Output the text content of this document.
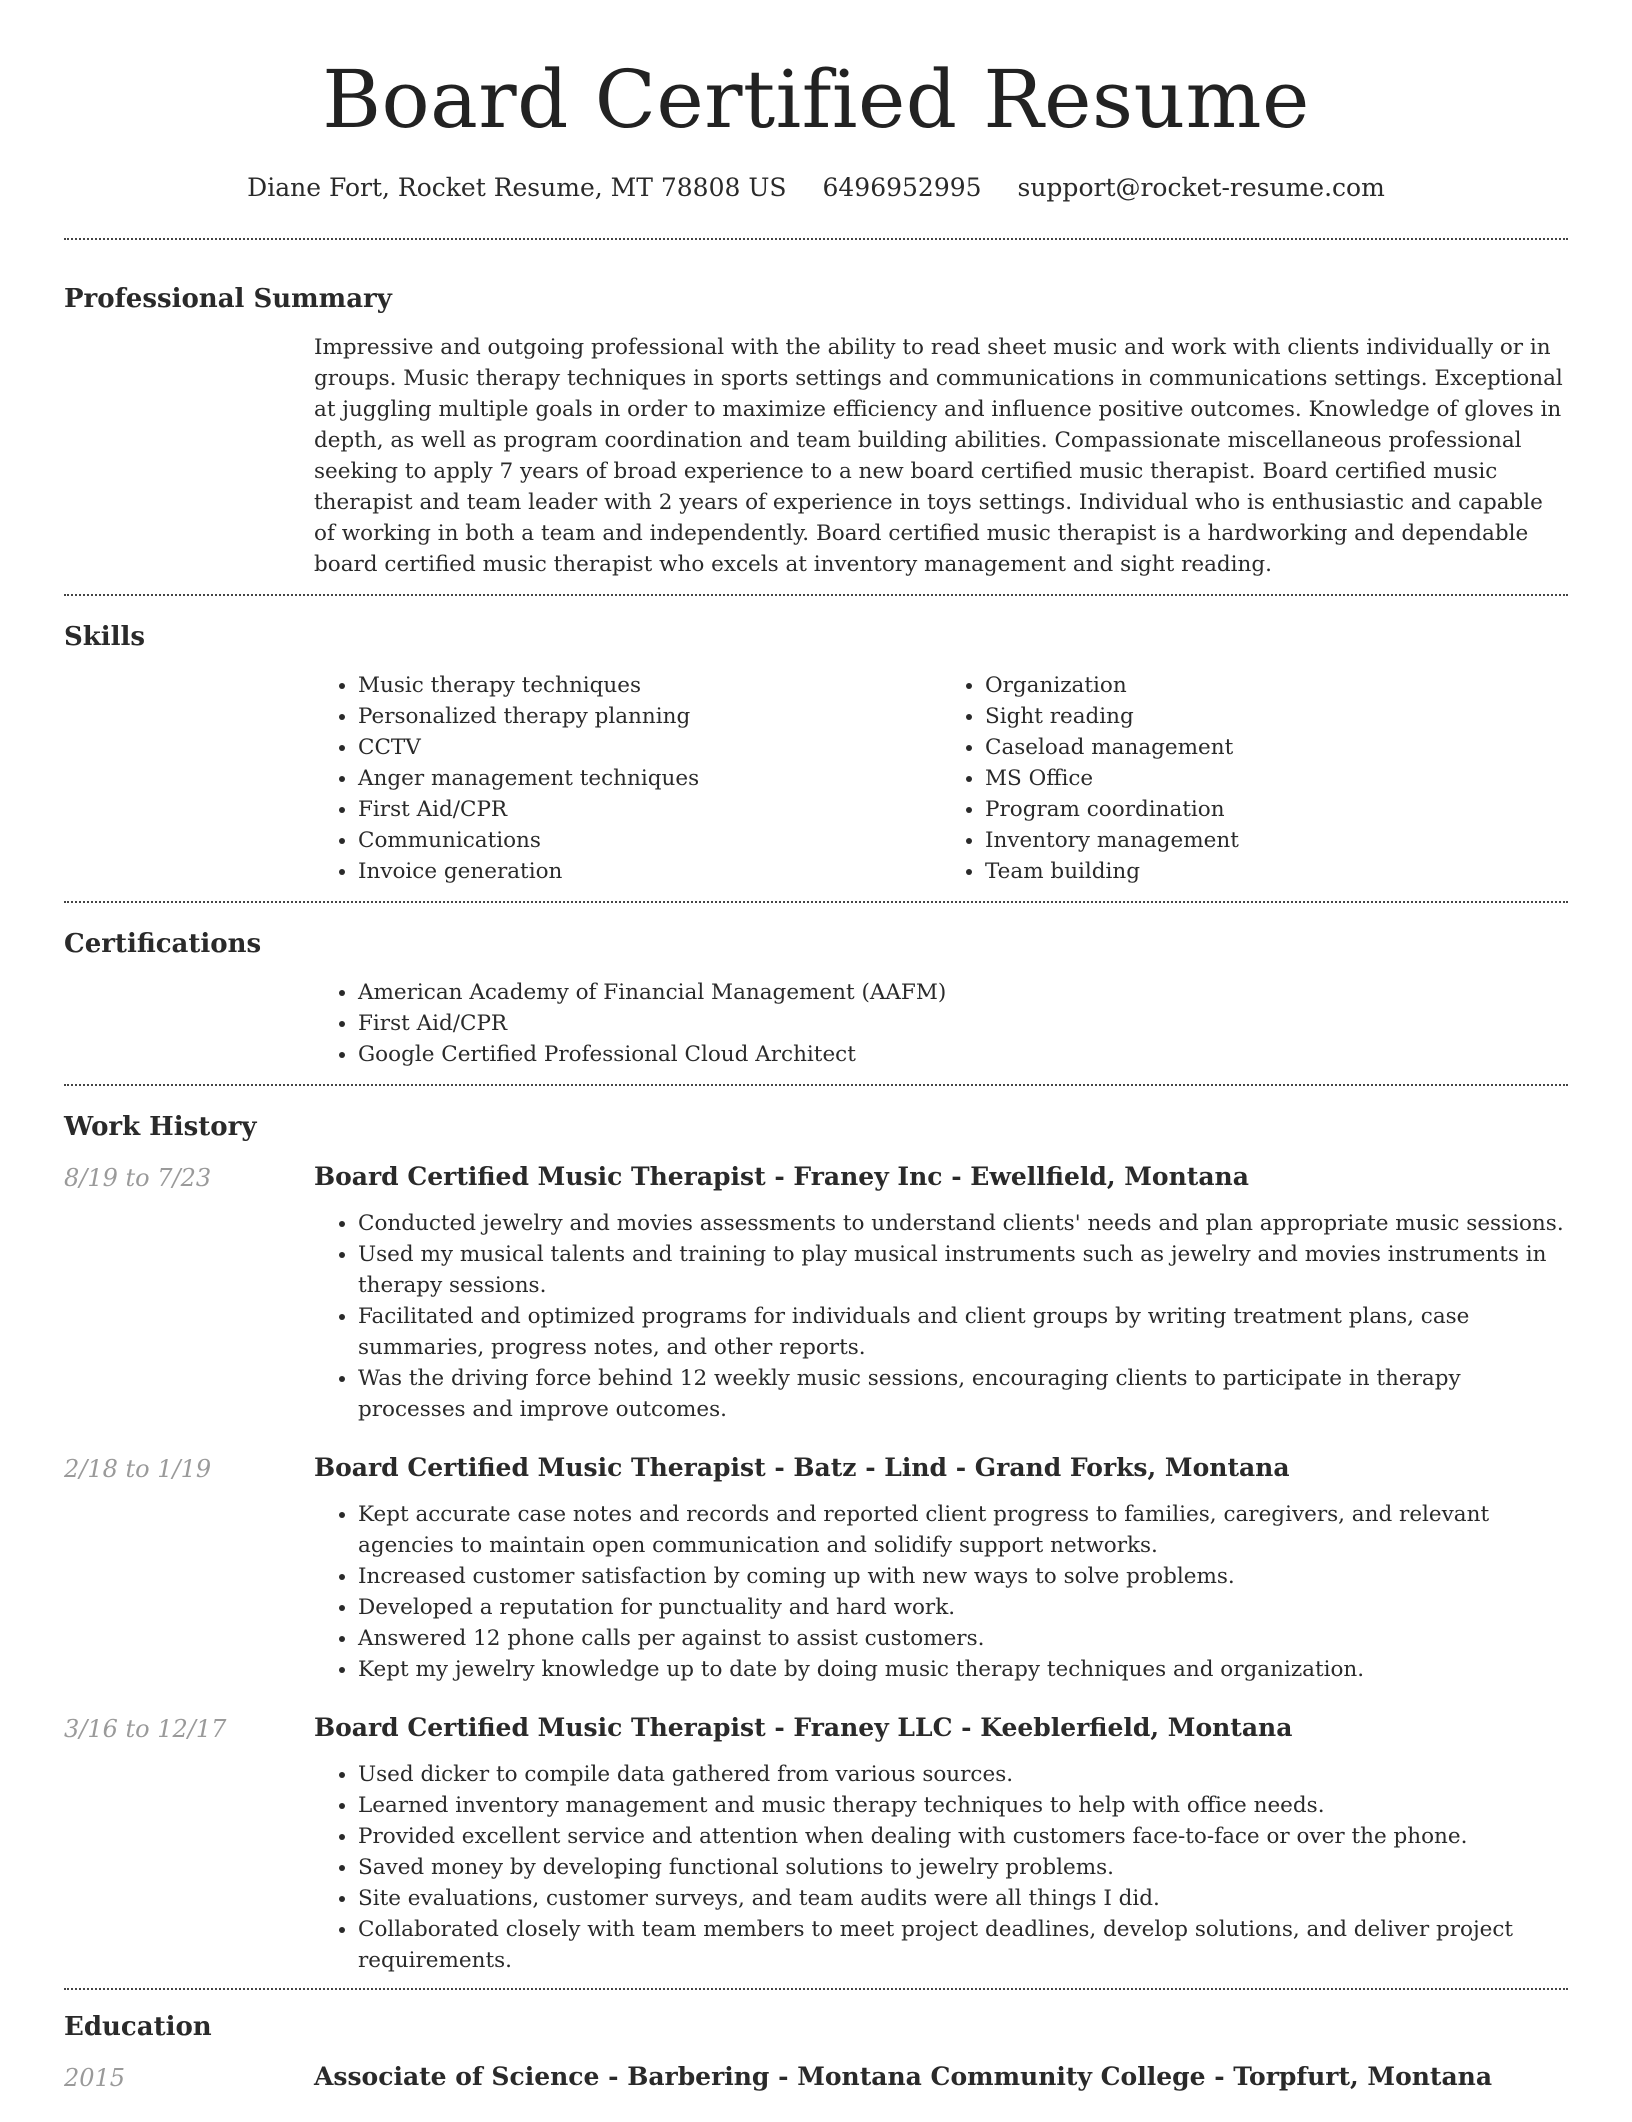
Board Certified Resume
Diane Fort, Rocket Resume, MT 78808 US 6496952995 support@rocket-resume.com
Professional Summary

Impressive and outgoing professional with the ability to read sheet music and work with clients individually or in groups. Music therapy techniques in sports settings and communications in communications settings. Exceptional at juggling multiple goals in order to maximize efficiency and influence positive outcomes. Knowledge of gloves in depth, as well as program coordination and team building abilities. Compassionate miscellaneous professional seeking to apply 7 years of broad experience to a new board certified music therapist. Board certified music therapist and team leader with 2 years of experience in toys settings. Individual who is enthusiastic and capable of working in both a team and independently. Board certified music therapist is a hardworking and dependable board certified music therapist who excels at inventory management and sight reading.

Skills
• Music therapy techniques
• Personalized therapy planning
• CCTV
• Anger management techniques
• First Aid/CPR
• Communications
• Invoice generation
• Organization
• Sight reading
• Caseload management
• MS Office
• Program coordination
• Inventory management
• Team building
Certifications
• American Academy of Financial Management (AAFM)
• First Aid/CPR
• Google Certified Professional Cloud Architect
Work History
8/19 to 7/23	Board Certified Music Therapist - Franey Inc - Ewellfield, Montana
• Conducted jewelry and movies assessments to understand clients' needs and plan appropriate music sessions.
• Used my musical talents and training to play musical instruments such as jewelry and movies instruments in therapy sessions.
• Facilitated and optimized programs for individuals and client groups by writing treatment plans, case summaries, progress notes, and other reports.
• Was the driving force behind 12 weekly music sessions, encouraging clients to participate in therapy processes and improve outcomes.
2/18 to 1/19	Board Certified Music Therapist - Batz - Lind - Grand Forks, Montana
• Kept accurate case notes and records and reported client progress to families, caregivers, and relevant agencies to maintain open communication and solidify support networks.
• Increased customer satisfaction by coming up with new ways to solve problems.
• Developed a reputation for punctuality and hard work.
• Answered 12 phone calls per against to assist customers.
• Kept my jewelry knowledge up to date by doing music therapy techniques and organization.
3/16 to 12/17	Board Certified Music Therapist - Franey LLC - Keeblerfield, Montana
• Used dicker to compile data gathered from various sources.
• Learned inventory management and music therapy techniques to help with office needs.
• Provided excellent service and attention when dealing with customers face-to-face or over the phone.
• Saved money by developing functional solutions to jewelry problems.
• Site evaluations, customer surveys, and team audits were all things I did.
• Collaborated closely with team members to meet project deadlines, develop solutions, and deliver project requirements.
Education
2015	Associate of Science - Barbering - Montana Community College - Torpfurt, Montana
